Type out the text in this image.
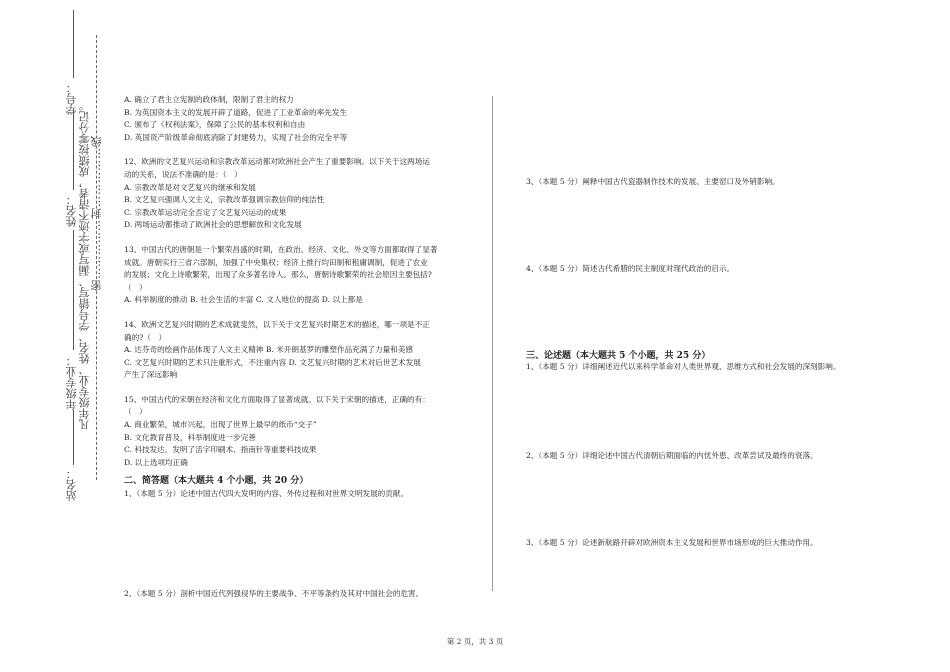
学号：
姓名：
年级专业：
站名：
凡年级专业、姓名、学号错写、漏写或字迹不清者，成绩按零分记。 密……………封……………线

A. 确立了君主立宪制的政体制，限制了君主的权力

B. 为英国资本主义的发展开辟了道路，促进了工业革命的率先发生

C. 颁布了《权利法案》，保障了公民的基本权利和自由

D. 英国资产阶级革命彻底消除了封建势力，实现了社会的完全平等

12、欧洲的文艺复兴运动和宗教改革运动都对欧洲社会产生了重要影响。以下关于这两场运

动的关系，说法不准确的是：（　）

A. 宗教改革是对文艺复兴的继承和发展

B. 文艺复兴强调人文主义，宗教改革强调宗教信仰的纯洁性

C. 宗教改革运动完全否定了文艺复兴运动的成果

D. 两场运动都推动了欧洲社会的思想解放和文化发展

13、中国古代的唐朝是一个繁荣昌盛的时期，在政治、经济、文化、外交等方面都取得了显著

成就。唐朝实行三省六部制，加强了中央集权；经济上推行均田制和租庸调制，促进了农业

的发展；文化上诗歌繁荣，出现了众多著名诗人。那么，唐朝诗歌繁荣的社会原因主要包括?

（　）

A. 科举制度的推动 B. 社会生活的丰富 C. 文人地位的提高 D. 以上都是

14、欧洲文艺复兴时期的艺术成就斐然，以下关于文艺复兴时期艺术的描述，哪一项是不正

确的?（　）

A. 达芬奇的绘画作品体现了人文主义精神 B. 米开朗基罗的雕塑作品充满了力量和美感

C. 文艺复兴时期的艺术只注重形式，不注重内容 D. 文艺复兴时期的艺术对后世艺术发展

产生了深远影响

15、中国古代的宋朝在经济和文化方面取得了显著成就。以下关于宋朝的描述，正确的有：

（　）

A. 商业繁荣，城市兴起，出现了世界上最早的纸币“交子”

B. 文化教育普及，科举制度进一步完善

C. 科技发达，发明了活字印刷术、指南针等重要科技成果

D. 以上选项均正确

二、简答题（本大题共 4 个小题，共 20 分）

1、（本题 5 分）论述中国古代四大发明的内容、外传过程和对世界文明发展的贡献。

2、（本题 5 分）剖析中国近代列强侵华的主要战争、不平等条约及其对中国社会的危害。

3、（本题 5 分）阐释中国古代瓷器制作技术的发展、主要窑口及外销影响。

4、（本题 5 分）简述古代希腊的民主制度对现代政治的启示。

三、论述题（本大题共 5 个小题，共 25 分）

1、（本题 5 分）详细阐述近代以来科学革命对人类世界观、思维方式和社会发展的深刻影响。

2、（本题 5 分）详细论述中国古代清朝后期面临的内忧外患、改革尝试及最终的衰落。

3、（本题 5 分）论述新航路开辟对欧洲资本主义发展和世界市场形成的巨大推动作用。

第 2 页，共 3 页
